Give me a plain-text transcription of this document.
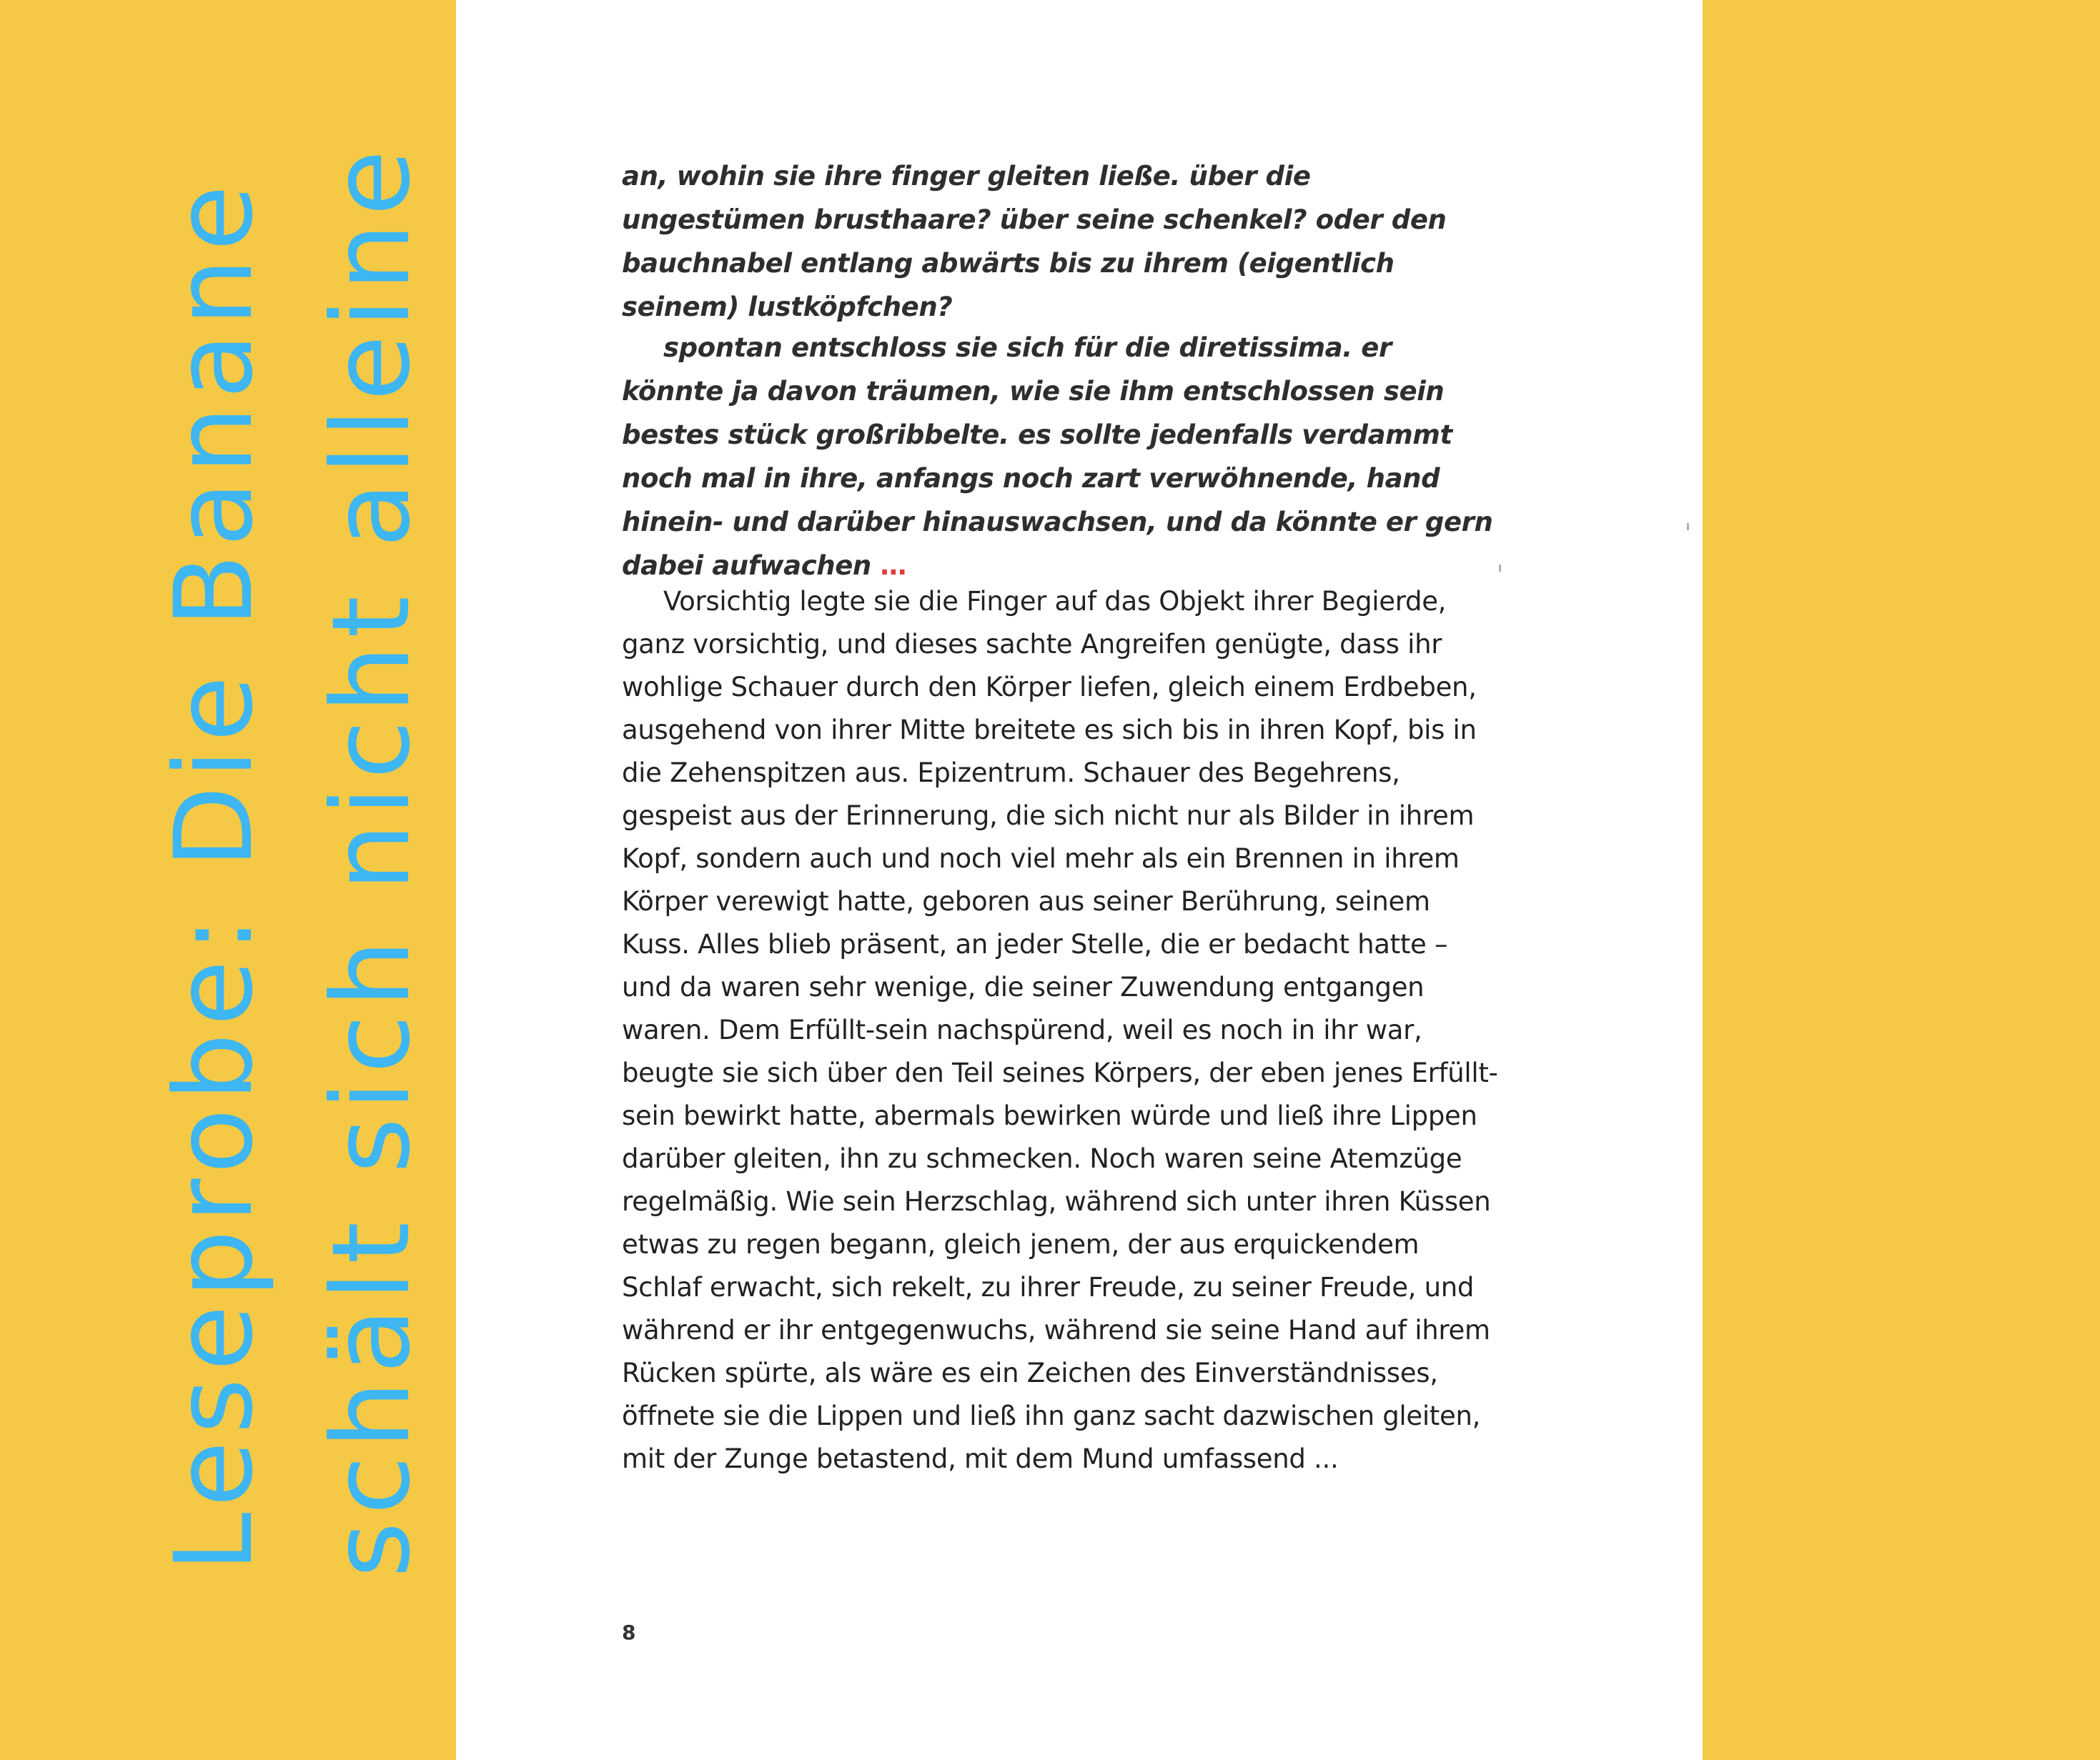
Leseprobe: Die Banane schält sich nicht alleine	an, wohin sie ihre finger gleiten ließe. über die ungestümen brusthaare? über seine schenkel? oder den bauchnabel entlang abwärts bis zu ihrem (eigentlich seinem) lustköpfchen?

spontan entschloss sie sich für die diretissima. er könnte ja davon träumen, wie sie ihm entschlossen sein bestes stück großribbelte. es sollte jedenfalls verdammt noch mal in ihre, anfangs noch zart verwöhnende, hand hinein- und darüber hinauswachsen, und da könnte er gern dabei aufwachen …

Vorsichtig legte sie die Finger auf das Objekt ihrer Begierde, ganz vorsichtig, und dieses sachte Angreifen genügte, dass ihr wohlige Schauer durch den Körper liefen, gleich einem Erdbeben, ausgehend von ihrer Mitte breitete es sich bis in ihren Kopf, bis in die Zehenspitzen aus. Epizentrum. Schauer des Begehrens, gespeist aus der Erinnerung, die sich nicht nur als Bilder in ihrem Kopf, sondern auch und noch viel mehr als ein Brennen in ihrem Körper verewigt hatte, geboren aus seiner Berührung, seinem Kuss. Alles blieb präsent, an jeder Stelle, die er bedacht hatte – und da waren sehr wenige, die seiner Zuwendung entgangen waren. Dem Erfüllt-sein nachspürend, weil es noch in ihr war, beugte sie sich über den Teil seines Körpers, der eben jenes Erfüllt-sein bewirkt hatte, abermals bewirken würde und ließ ihre Lippen darüber gleiten, ihn zu schmecken. Noch waren seine Atemzüge regelmäßig. Wie sein Herzschlag, während sich unter ihren Küssen etwas zu regen begann, gleich jenem, der aus erquickendem Schlaf erwacht, sich rekelt, zu ihrer Freude, zu seiner Freude, und während er ihr entgegenwuchs, während sie seine Hand auf ihrem Rücken spürte, als wäre es ein Zeichen des Einverständnisses, öffnete sie die Lippen und ließ ihn ganz sacht dazwischen gleiten, mit der Zunge betastend, mit dem Mund umfassend ...

8
